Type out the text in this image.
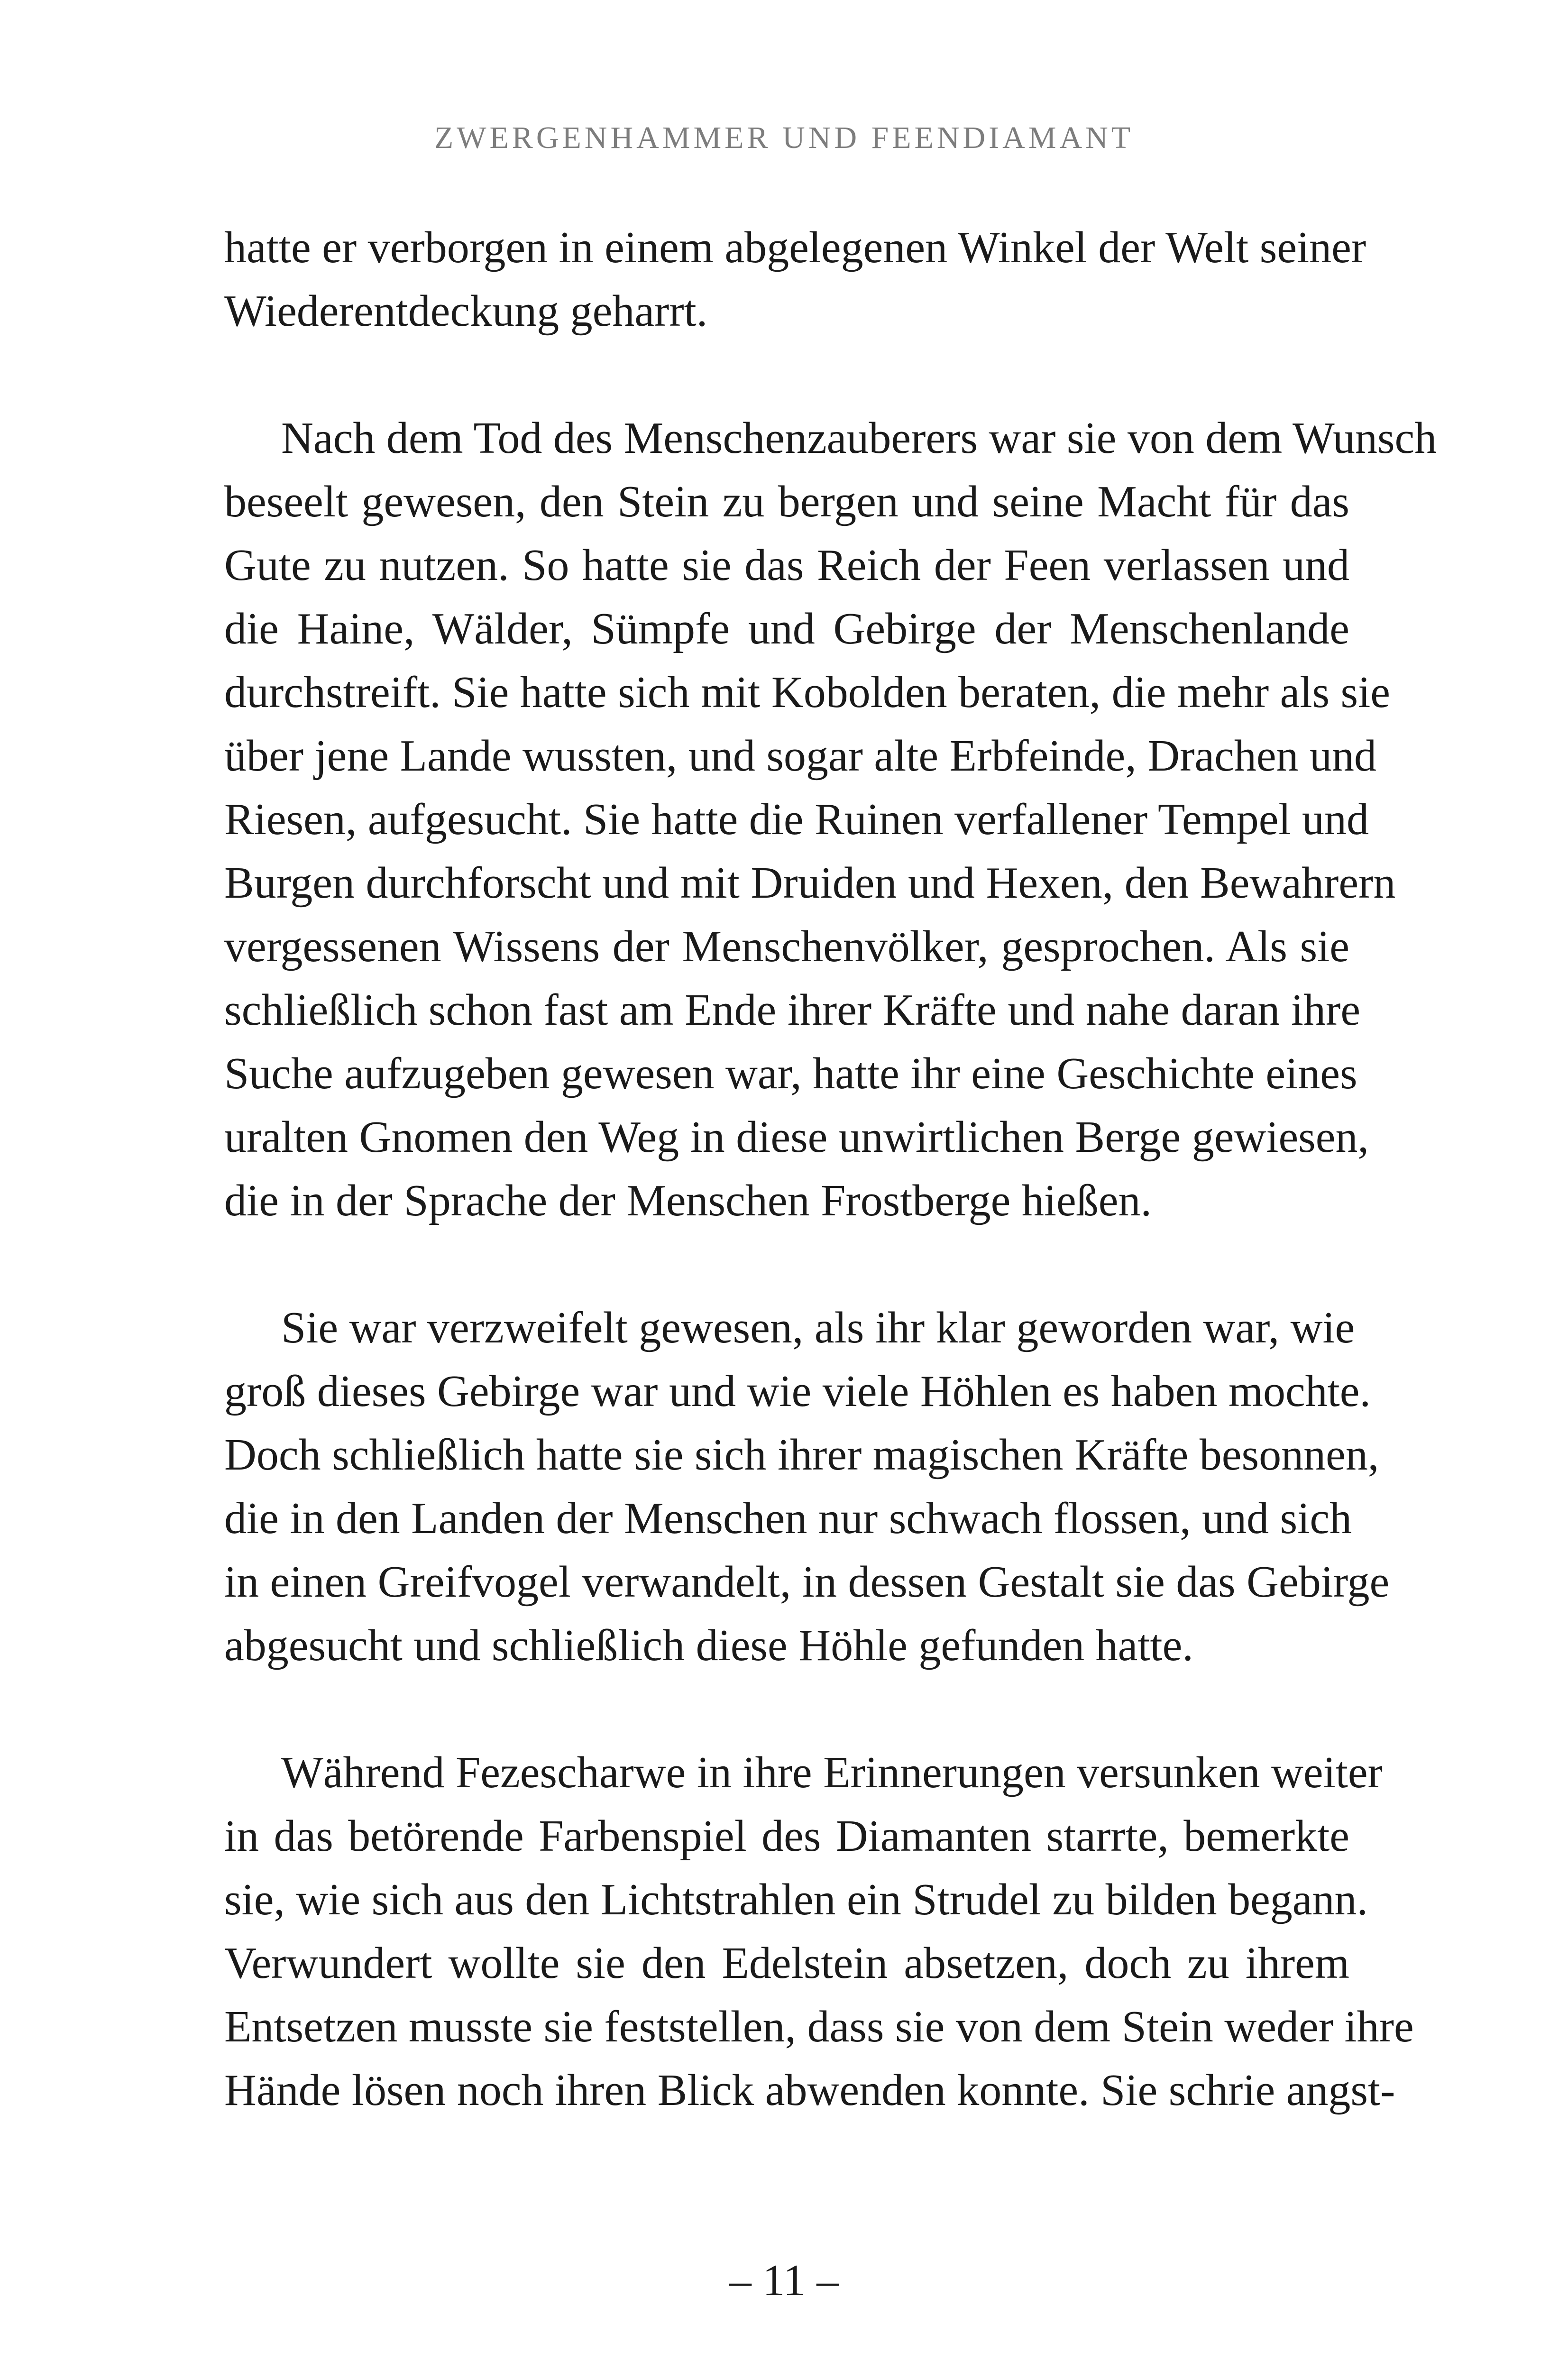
ZWERGENHAMMER UND FEENDIAMANT
hatte er verborgen in einem abgelegenen Winkel der Welt seiner
Wiederentdeckung geharrt.
Nach dem Tod des Menschenzauberers war sie von dem Wunsch
beseelt gewesen, den Stein zu bergen und seine Macht für das
Gute zu nutzen. So hatte sie das Reich der Feen verlassen und
die Haine, Wälder, Sümpfe und Gebirge der Menschenlande
durchstreift. Sie hatte sich mit Kobolden beraten, die mehr als sie
über jene Lande wussten, und sogar alte Erbfeinde, Drachen und
Riesen, aufgesucht. Sie hatte die Ruinen verfallener Tempel und
Burgen durchforscht und mit Druiden und Hexen, den Bewahrern
vergessenen Wissens der Menschenvölker, gesprochen. Als sie
schließlich schon fast am Ende ihrer Kräfte und nahe daran ihre
Suche aufzugeben gewesen war, hatte ihr eine Geschichte eines
uralten Gnomen den Weg in diese unwirtlichen Berge gewiesen,
die in der Sprache der Menschen Frostberge hießen.
Sie war verzweifelt gewesen, als ihr klar geworden war, wie
groß dieses Gebirge war und wie viele Höhlen es haben mochte.
Doch schließlich hatte sie sich ihrer magischen Kräfte besonnen,
die in den Landen der Menschen nur schwach flossen, und sich
in einen Greifvogel verwandelt, in dessen Gestalt sie das Gebirge
abgesucht und schließlich diese Höhle gefunden hatte.
Während Fezescharwe in ihre Erinnerungen versunken weiter
in das betörende Farbenspiel des Diamanten starrte, bemerkte
sie, wie sich aus den Lichtstrahlen ein Strudel zu bilden begann.
Verwundert wollte sie den Edelstein absetzen, doch zu ihrem
Entsetzen musste sie feststellen, dass sie von dem Stein weder ihre
Hände lösen noch ihren Blick abwenden konnte. Sie schrie angst-
– 11 –
